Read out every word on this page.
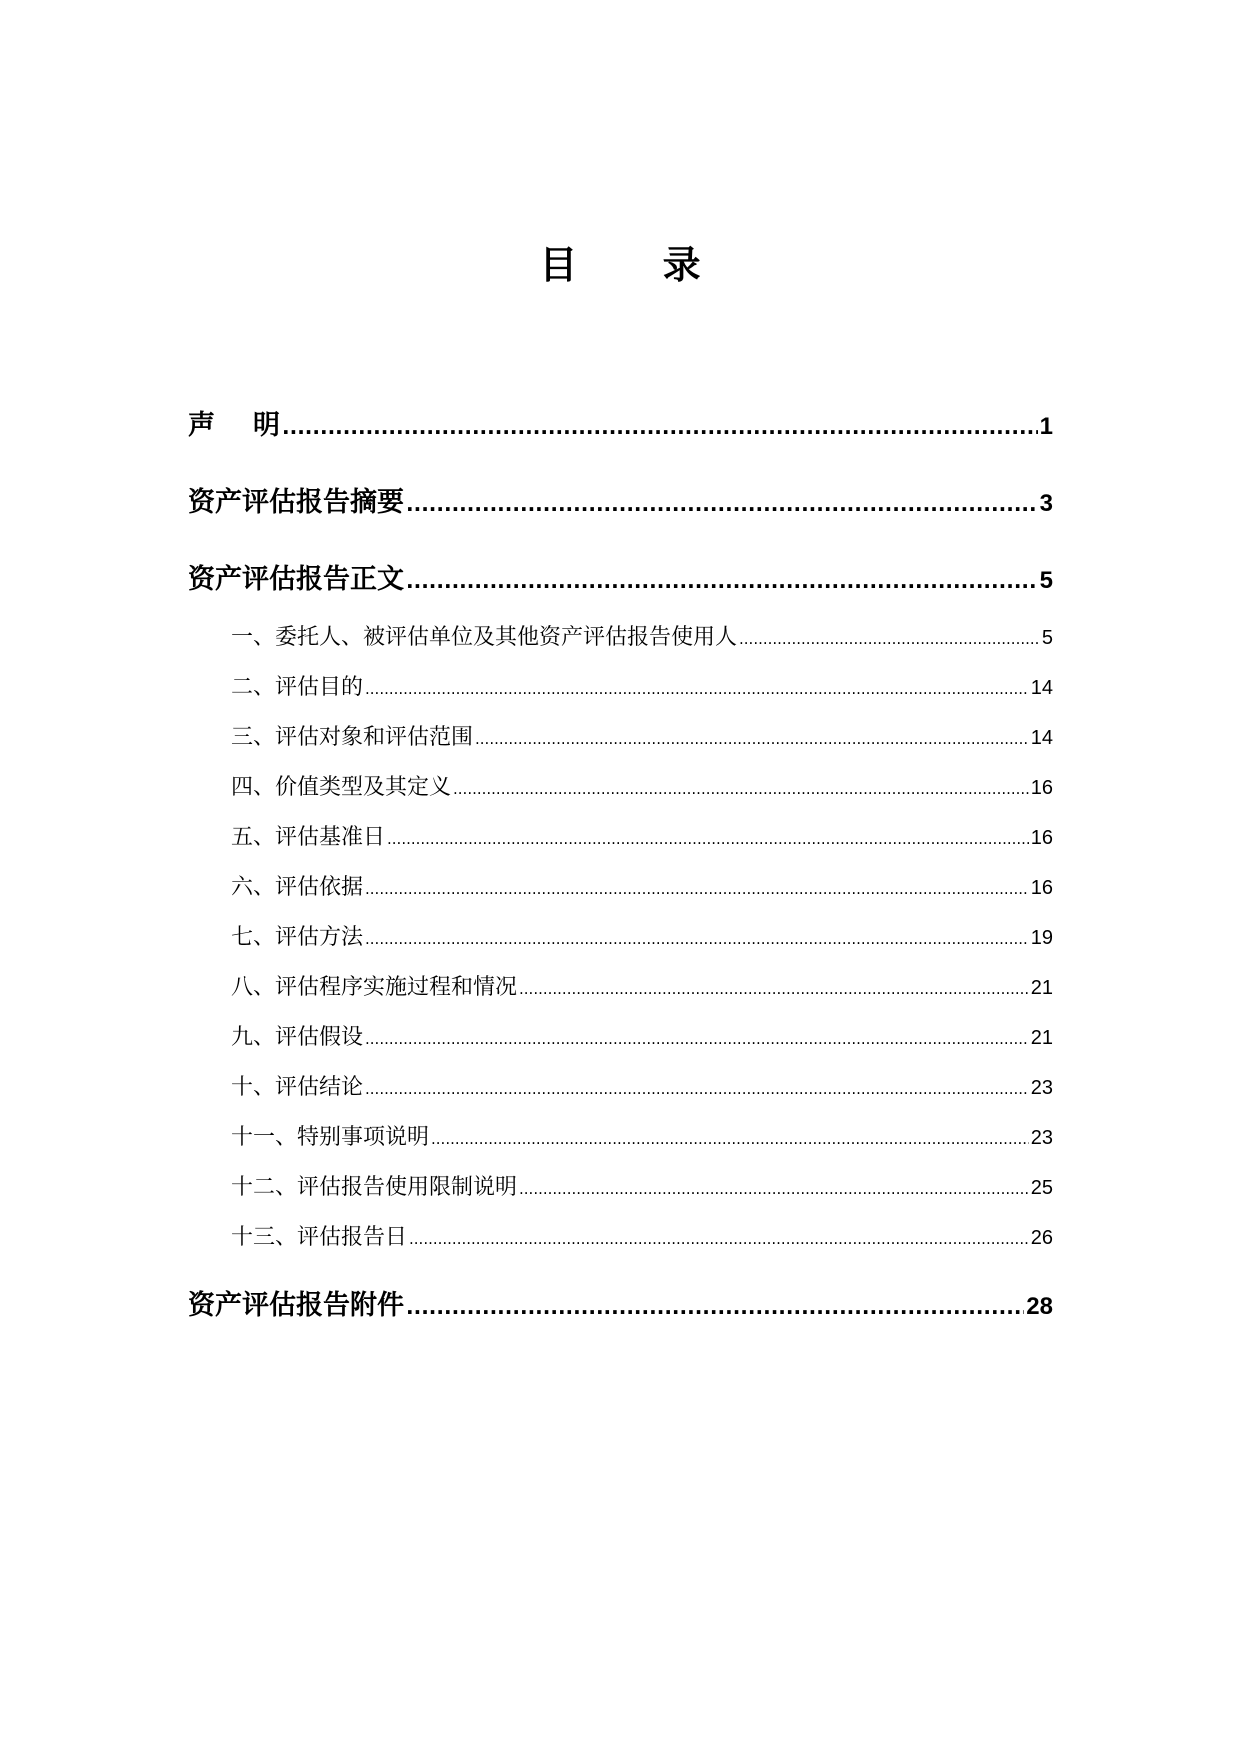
目 录
声明 .....	1
资产评估报告摘要 .....	3
资产评估报告正文 .....	5
一、委托人、被评估单位及其他资产评估报告使用人 .....	5
二、评估目的 .....	14
三、评估对象和评估范围 .....	14
四、价值类型及其定义 .....	16
五、评估基准日 .....	16
六、评估依据 .....	16
七、评估方法 .....	19
八、评估程序实施过程和情况 .....	21
九、评估假设 .....	21
十、评估结论 .....	23
十一、特别事项说明 .....	23
十二、评估报告使用限制说明 .....	25
十三、评估报告日 .....	26
资产评估报告附件 .....	28
